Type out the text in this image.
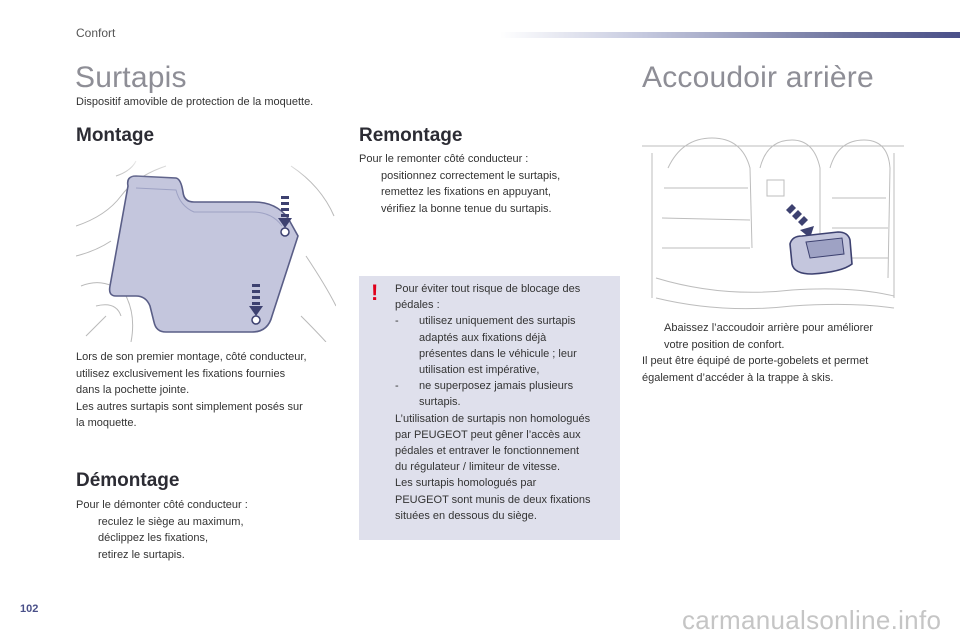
Confort
Surtapis
Dispositif amovible de protection de la moquette.
Accoudoir arrière
Montage	Remontage
Démontage
Lors de son premier montage, côté conducteur,
utilisez exclusivement les fixations fournies
dans la pochette jointe.
Les autres surtapis sont simplement posés sur
la moquette.
Pour le remonter côté conducteur :
positionnez correctement le surtapis,
remettez les fixations en appuyant,
vérifiez la bonne tenue du surtapis.
! Pour éviter tout risque de blocage des
pédales :
-	utilisez uniquement des surtapis
adaptés aux fixations déjà
présentes dans le véhicule ; leur
utilisation est impérative,
-	ne superposez jamais plusieurs
surtapis.
L’utilisation de surtapis non homologués
par PEUGEOT peut gêner l’accès aux
pédales et entraver le fonctionnement
du régulateur / limiteur de vitesse.
Les surtapis homologués par
PEUGEOT sont munis de deux fixations
situées en dessous du siège.
Pour le démonter côté conducteur :
reculez le siège au maximum,
déclippez les fixations,
retirez le surtapis.
Abaissez l’accoudoir arrière pour améliorer
votre position de confort.
Il peut être équipé de porte-gobelets et permet
également d’accéder à la trappe à skis.
102	carmanualsonline.info
